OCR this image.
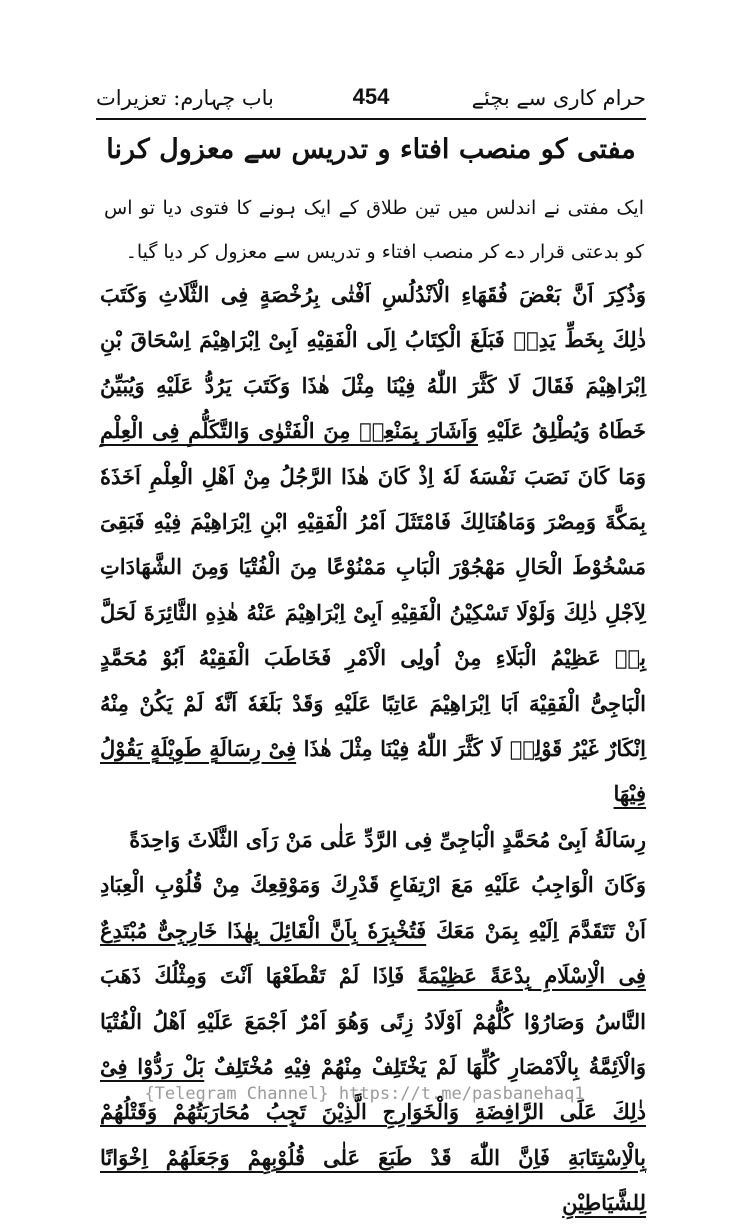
حرام کاری سے بچئے
454
باب چہارم: تعزیرات
مفتی کو منصب افتاء و تدریس سے معزول کرنا
ایک مفتی نے اندلس میں تین طلاق کے ایک ہونے کا فتوی دیا تو اس کو بدعتی قرار دے کر منصب افتاء و تدریس سے معزول کر دیا گیا۔

وَذُكِرَ اَنَّ بَعْضَ فُقَهَاءِ الْاَنْدُلُسِ اَفْتٰى بِرُخْصَةٍ فِى الثَّلَاثِ وَكَتَبَ ذٰلِكَ بِخَطِّ يَدِهٖ فَبَلَغَ الْكِتَابُ اِلَى الْفَقِيْهِ اَبِىْ اِبْرَاهِيْمَ اِسْحَاقَ بْنِ اِبْرَاهِيْمَ فَقَالَ لَا كَثَّرَ اللّٰهُ فِيْنَا مِثْلَ هٰذَا وَكَتَبَ يَرُدُّ عَلَيْهِ وَيُبَيِّنُ خَطَاهُ وَيُطْلِقُ عَلَيْهِ وَاَشَارَ بِمَنْعِهٖ مِنَ الْفَتْوٰى وَالتَّكَلُّمِ فِى الْعِلْمِ وَمَا كَانَ نَصَبَ نَفْسَهٗ لَهٗ اِذْ كَانَ هٰذَا الرَّجُلُ مِنْ اَهْلِ الْعِلْمِ اَخَذَهٗ بِمَكَّةَ وَمِصْرَ وَمَاهُنَالِكَ فَامْتَثَلَ اَمْرُ الْفَقِيْهِ ابْنِ اِبْرَاهِيْمَ فِيْهِ فَبَقِىَ مَسْخُوْطَ الْحَالِ مَهْجُوْرَ الْبَابِ مَمْنُوْعًا مِنَ الْفُتْيَا وَمِنَ الشَّهَادَاتِ لِاَجْلِ ذٰلِكَ وَلَوْلَا تَسْكِيْنُ الْفَقِيْهِ اَبِىْ اِبْرَاهِيْمَ عَنْهُ هٰذِهِ الثَّائِرَةَ لَحَلَّ بِهٖ عَظِيْمُ الْبَلَاءِ مِنْ اُولِى الْاَمْرِ فَخَاطَبَ الْفَقِيْهُ اَبُوْ مُحَمَّدٍ الْبَاجِىُّ الْفَقِيْهَ اَبَا اِبْرَاهِيْمَ عَاتِبًا عَلَيْهِ وَقَدْ بَلَغَهٗ اَنَّهٗ لَمْ يَكُنْ مِنْهُ اِنْكَارٌ غَيْرُ قَوْلِهٖ لَا كَثَّرَ اللّٰهُ فِيْنَا مِثْلَ هٰذَا فِىْ رِسَالَةٍ طَوِيْلَةٍ يَقُوْلُ فِيْهَا

رِسَالَةُ اَبِىْ مُحَمَّدٍ الْبَاجِىِّ فِى الرَّدِّ عَلٰى مَنْ رَاَى الثَّلَاثَ وَاحِدَةً

وَكَانَ الْوَاجِبُ عَلَيْهِ مَعَ ارْتِفَاعِ قَدْرِكَ وَمَوْقِعِكَ مِنْ قُلُوْبِ الْعِبَادِ اَنْ تَتَقَدَّمَ اِلَيْهِ بِمَنْ مَعَكَ فَتُخْبِرَهٗ بِاَنَّ الْقَائِلَ بِهٰذَا خَارِجِىٌّ مُبْتَدِعٌ فِى الْاِسْلَامِ بِدْعَةً عَظِيْمَةً فَاِذَا لَمْ تَقْطَعْهَا اَنْتَ وَمِثْلُكَ ذَهَبَ النَّاسُ وَصَارُوْا كُلُّهُمْ اَوْلَادُ زِنًى وَهُوَ اَمْرٌ اَجْمَعَ عَلَيْهِ اَهْلُ الْفُتْيَا وَالْاَئِمَّةُ بِالْاَمْصَارِ كُلِّهَا لَمْ يَخْتَلِفْ مِنْهُمْ فِيْهِ مُخْتَلِفٌ بَلْ رَدُّوْا فِىْ ذٰلِكَ عَلَى الرَّافِضَةِ وَالْخَوَارِجِ الَّذِيْنَ تَجِبُ مُحَارَبَتُهُمْ وَقَتْلُهُمْ بِالْاِسْتِتَابَةِ فَاِنَّ اللّٰهَ قَدْ طَبَعَ عَلٰى قُلُوْبِهِمْ وَجَعَلَهُمْ اِخْوَانًا لِلشَّيَاطِيْنِ

{Telegram Channel} https://t.me/pasbanehaq1
